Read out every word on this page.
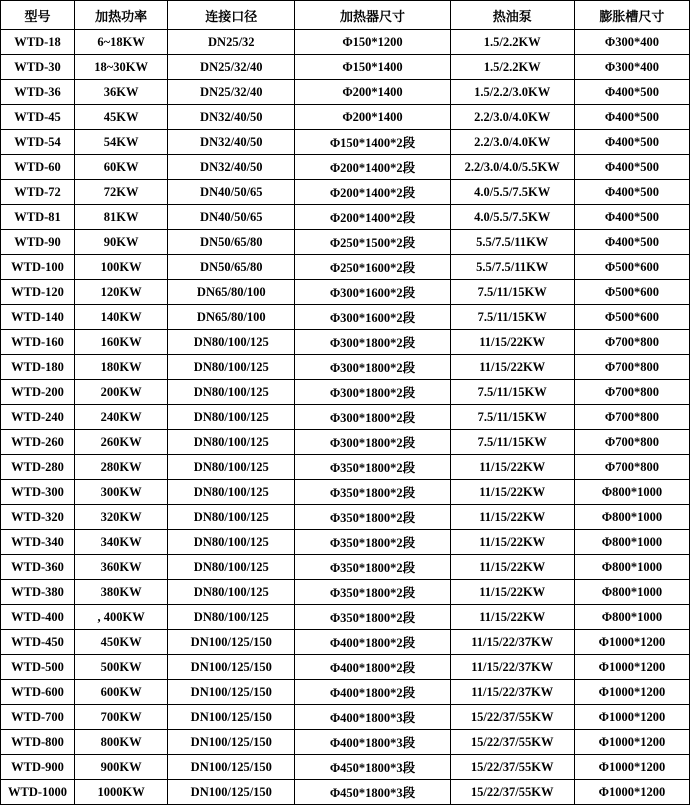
型号	加热功率	连接口径	加热器尺寸	热油泵	膨胀槽尺寸
WTD-18	6~18KW	DN25/32	Φ150*1200	1.5/2.2KW	Φ300*400
WTD-30	18~30KW	DN25/32/40	Φ150*1400	1.5/2.2KW	Φ300*400
WTD-36	36KW	DN25/32/40	Φ200*1400	1.5/2.2/3.0KW	Φ400*500
WTD-45	45KW	DN32/40/50	Φ200*1400	2.2/3.0/4.0KW	Φ400*500
WTD-54	54KW	DN32/40/50	Φ150*1400*2段	2.2/3.0/4.0KW	Φ400*500
WTD-60	60KW	DN32/40/50	Φ200*1400*2段	2.2/3.0/4.0/5.5KW	Φ400*500
WTD-72	72KW	DN40/50/65	Φ200*1400*2段	4.0/5.5/7.5KW	Φ400*500
WTD-81	81KW	DN40/50/65	Φ200*1400*2段	4.0/5.5/7.5KW	Φ400*500
WTD-90	90KW	DN50/65/80	Φ250*1500*2段	5.5/7.5/11KW	Φ400*500
WTD-100	100KW	DN50/65/80	Φ250*1600*2段	5.5/7.5/11KW	Φ500*600
WTD-120	120KW	DN65/80/100	Φ300*1600*2段	7.5/11/15KW	Φ500*600
WTD-140	140KW	DN65/80/100	Φ300*1600*2段	7.5/11/15KW	Φ500*600
WTD-160	160KW	DN80/100/125	Φ300*1800*2段	11/15/22KW	Φ700*800
WTD-180	180KW	DN80/100/125	Φ300*1800*2段	11/15/22KW	Φ700*800
WTD-200	200KW	DN80/100/125	Φ300*1800*2段	7.5/11/15KW	Φ700*800
WTD-240	240KW	DN80/100/125	Φ300*1800*2段	7.5/11/15KW	Φ700*800
WTD-260	260KW	DN80/100/125	Φ300*1800*2段	7.5/11/15KW	Φ700*800
WTD-280	280KW	DN80/100/125	Φ350*1800*2段	11/15/22KW	Φ700*800
WTD-300	300KW	DN80/100/125	Φ350*1800*2段	11/15/22KW	Φ800*1000
WTD-320	320KW	DN80/100/125	Φ350*1800*2段	11/15/22KW	Φ800*1000
WTD-340	340KW	DN80/100/125	Φ350*1800*2段	11/15/22KW	Φ800*1000
WTD-360	360KW	DN80/100/125	Φ350*1800*2段	11/15/22KW	Φ800*1000
WTD-380	380KW	DN80/100/125	Φ350*1800*2段	11/15/22KW	Φ800*1000
WTD-400	, 400KW	DN80/100/125	Φ350*1800*2段	11/15/22KW	Φ800*1000
WTD-450	450KW	DN100/125/150	Φ400*1800*2段	11/15/22/37KW	Φ1000*1200
WTD-500	500KW	DN100/125/150	Φ400*1800*2段	11/15/22/37KW	Φ1000*1200
WTD-600	600KW	DN100/125/150	Φ400*1800*2段	11/15/22/37KW	Φ1000*1200
WTD-700	700KW	DN100/125/150	Φ400*1800*3段	15/22/37/55KW	Φ1000*1200
WTD-800	800KW	DN100/125/150	Φ400*1800*3段	15/22/37/55KW	Φ1000*1200
WTD-900	900KW	DN100/125/150	Φ450*1800*3段	15/22/37/55KW	Φ1000*1200
WTD-1000	1000KW	DN100/125/150	Φ450*1800*3段	15/22/37/55KW	Φ1000*1200
